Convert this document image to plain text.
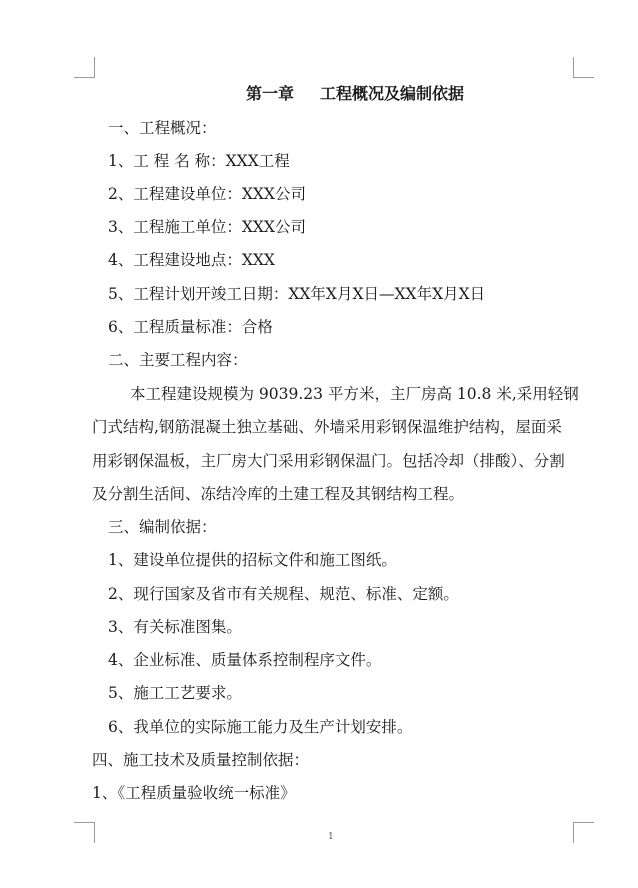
第一章 工程概况及编制依据
一、工程概况：
1、工 程 名 称：XXX工程
2、工程建设单位：XXX公司
3、工程施工单位：XXX公司
4、工程建设地点：XXX
5、工程计划开竣工日期：XX年X月X日—XX年X月X日
6、工程质量标准：合格
二、主要工程内容：
本工程建设规模为 9039.23 平方米，主厂房高 10.8 米,采用轻钢
门式结构,钢筋混凝土独立基础、外墙采用彩钢保温维护结构，屋面采
用彩钢保温板，主厂房大门采用彩钢保温门。包括冷却（排酸）、分割
及分割生活间、冻结冷库的土建工程及其钢结构工程。
三、编制依据：
1、建设单位提供的招标文件和施工图纸。
2、现行国家及省市有关规程、规范、标准、定额。
3、有关标准图集。
4、企业标准、质量体系控制程序文件。
5、施工工艺要求。
6、我单位的实际施工能力及生产计划安排。
四、施工技术及质量控制依据：
1、《工程质量验收统一标准》
1
